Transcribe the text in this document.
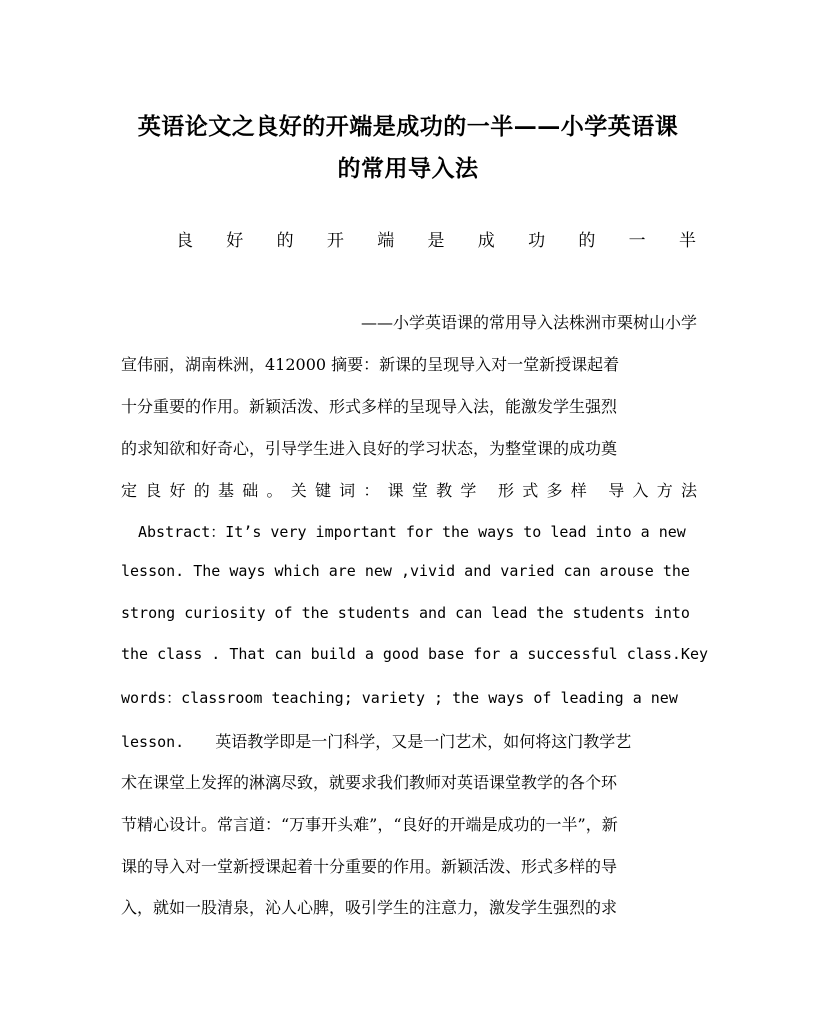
英语论文之良好的开端是成功的一半——小学英语课
的常用导入法
良 好 的 开 端 是 成 功 的 一 半
——小学英语课的常用导入法株洲市栗树山小学
宣伟丽，湖南株洲，412000 摘要：新课的呈现导入对一堂新授课起着
十分重要的作用。新颖活泼、形式多样的呈现导入法，能激发学生强烈
的求知欲和好奇心，引导学生进入良好的学习状态，为整堂课的成功奠
定良好的基础。关键词：课堂教学 形式多样 导入方法
Abstract：It’s very important for the ways to lead into a new
lesson. The ways which are new ,vivid and varied can arouse the
strong curiosity of the students and can lead the students into
the class . That can build a good base for a successful class.Key
words：classroom teaching; variety ; the ways of leading a new
lesson. 英语教学即是一门科学，又是一门艺术，如何将这门教学艺
术在课堂上发挥的淋漓尽致，就要求我们教师对英语课堂教学的各个环
节精心设计。常言道：“万事开头难”，“良好的开端是成功的一半”，新
课的导入对一堂新授课起着十分重要的作用。新颖活泼、形式多样的导
入，就如一股清泉，沁人心脾，吸引学生的注意力，激发学生强烈的求
